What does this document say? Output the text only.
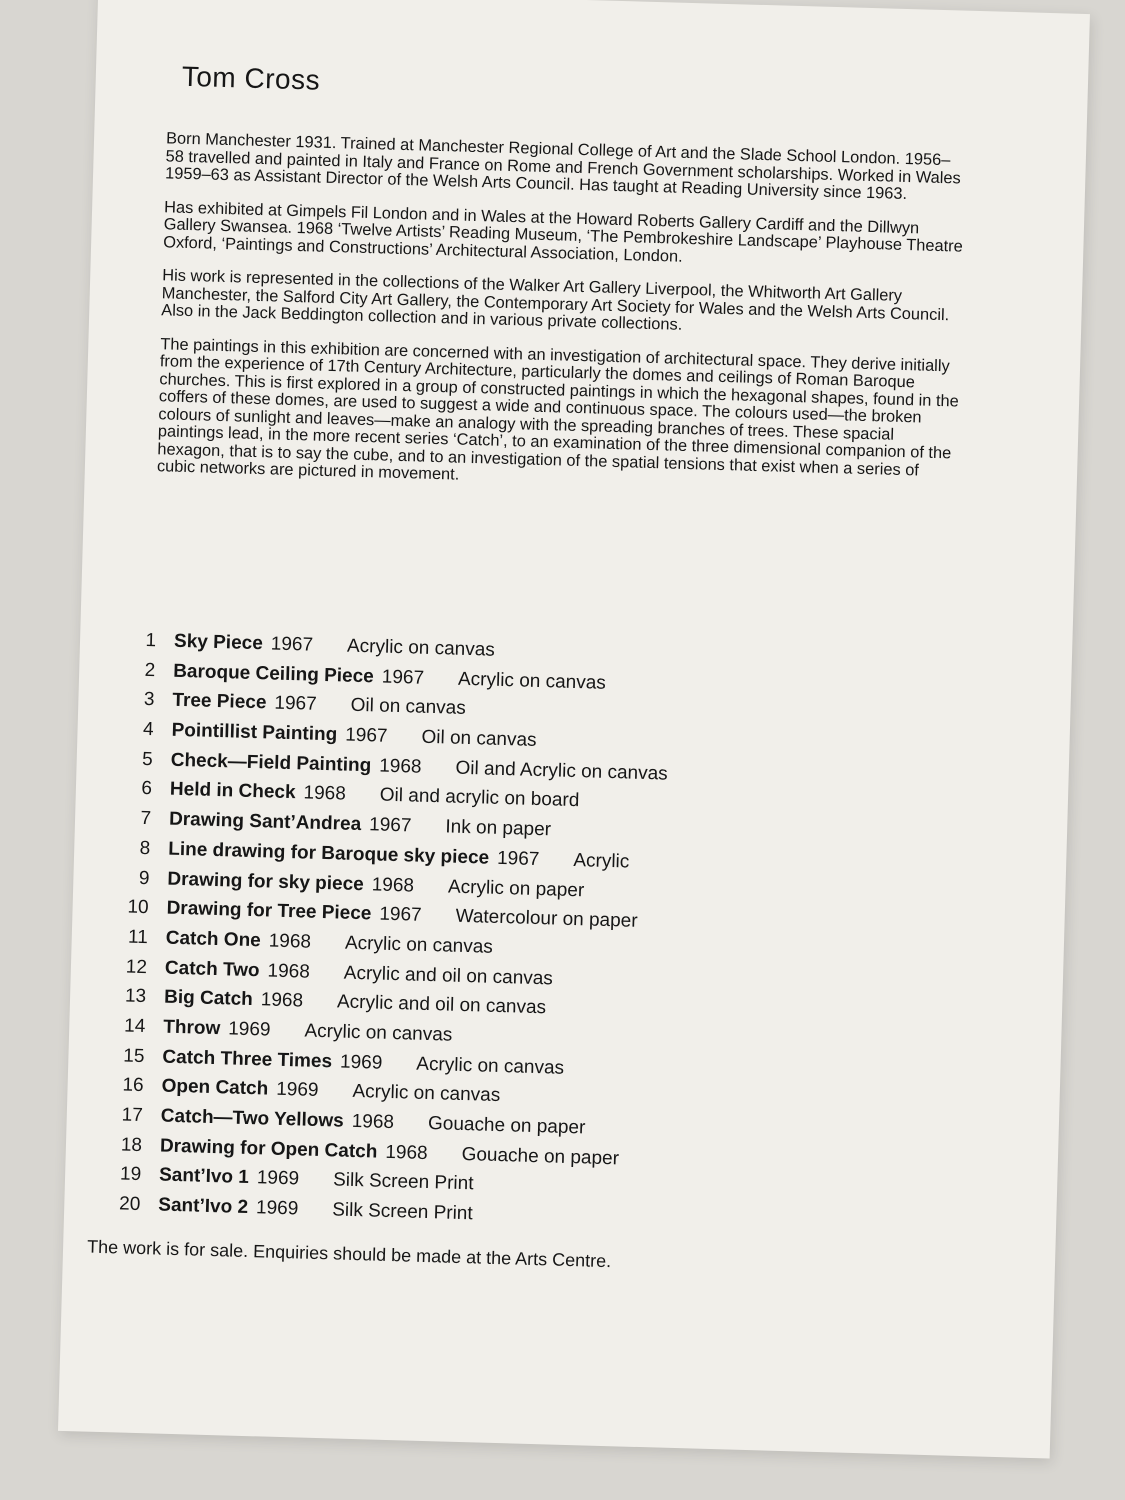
Tom Cross

Born Manchester 1931. Trained at Manchester Regional College of Art and the Slade School London. 1956–58 travelled and painted in Italy and France on Rome and French Government scholarships. Worked in Wales 1959–63 as Assistant Director of the Welsh Arts Council. Has taught at Reading University since 1963.

Has exhibited at Gimpels Fil London and in Wales at the Howard Roberts Gallery Cardiff and the Dillwyn Gallery Swansea. 1968 ‘Twelve Artists’ Reading Museum, ‘The Pembrokeshire Landscape’ Playhouse Theatre Oxford, ‘Paintings and Constructions’ Architectural Association, London.

His work is represented in the collections of the Walker Art Gallery Liverpool, the Whitworth Art Gallery Manchester, the Salford City Art Gallery, the Contemporary Art Society for Wales and the Welsh Arts Council. Also in the Jack Beddington collection and in various private collections.

The paintings in this exhibition are concerned with an investigation of architectural space. They derive initially from the experience of 17th Century Architecture, particularly the domes and ceilings of Roman Baroque churches. This is first explored in a group of constructed paintings in which the hexagonal shapes, found in the coffers of these domes, are used to suggest a wide and continuous space. The colours used—the broken colours of sunlight and leaves—make an analogy with the spreading branches of trees. These spacial paintings lead, in the more recent series ‘Catch’, to an examination of the three dimensional companion of the hexagon, that is to say the cube, and to an investigation of the spatial tensions that exist when a series of cubic networks are pictured in movement.

1 Sky Piece 1967 Acrylic on canvas
2 Baroque Ceiling Piece 1967 Acrylic on canvas
3 Tree Piece 1967 Oil on canvas
4 Pointillist Painting 1967 Oil on canvas
5 Check—Field Painting 1968 Oil and Acrylic on canvas
6 Held in Check 1968 Oil and acrylic on board
7 Drawing Sant’Andrea 1967 Ink on paper
8 Line drawing for Baroque sky piece 1967 Acrylic
9 Drawing for sky piece 1968 Acrylic on paper
10 Drawing for Tree Piece 1967 Watercolour on paper
11 Catch One 1968 Acrylic on canvas
12 Catch Two 1968 Acrylic and oil on canvas
13 Big Catch 1968 Acrylic and oil on canvas
14 Throw 1969 Acrylic on canvas
15 Catch Three Times 1969 Acrylic on canvas
16 Open Catch 1969 Acrylic on canvas
17 Catch—Two Yellows 1968 Gouache on paper
18 Drawing for Open Catch 1968 Gouache on paper
19 Sant’Ivo 1 1969 Silk Screen Print
20 Sant’Ivo 2 1969 Silk Screen Print
The work is for sale. Enquiries should be made at the Arts Centre.
